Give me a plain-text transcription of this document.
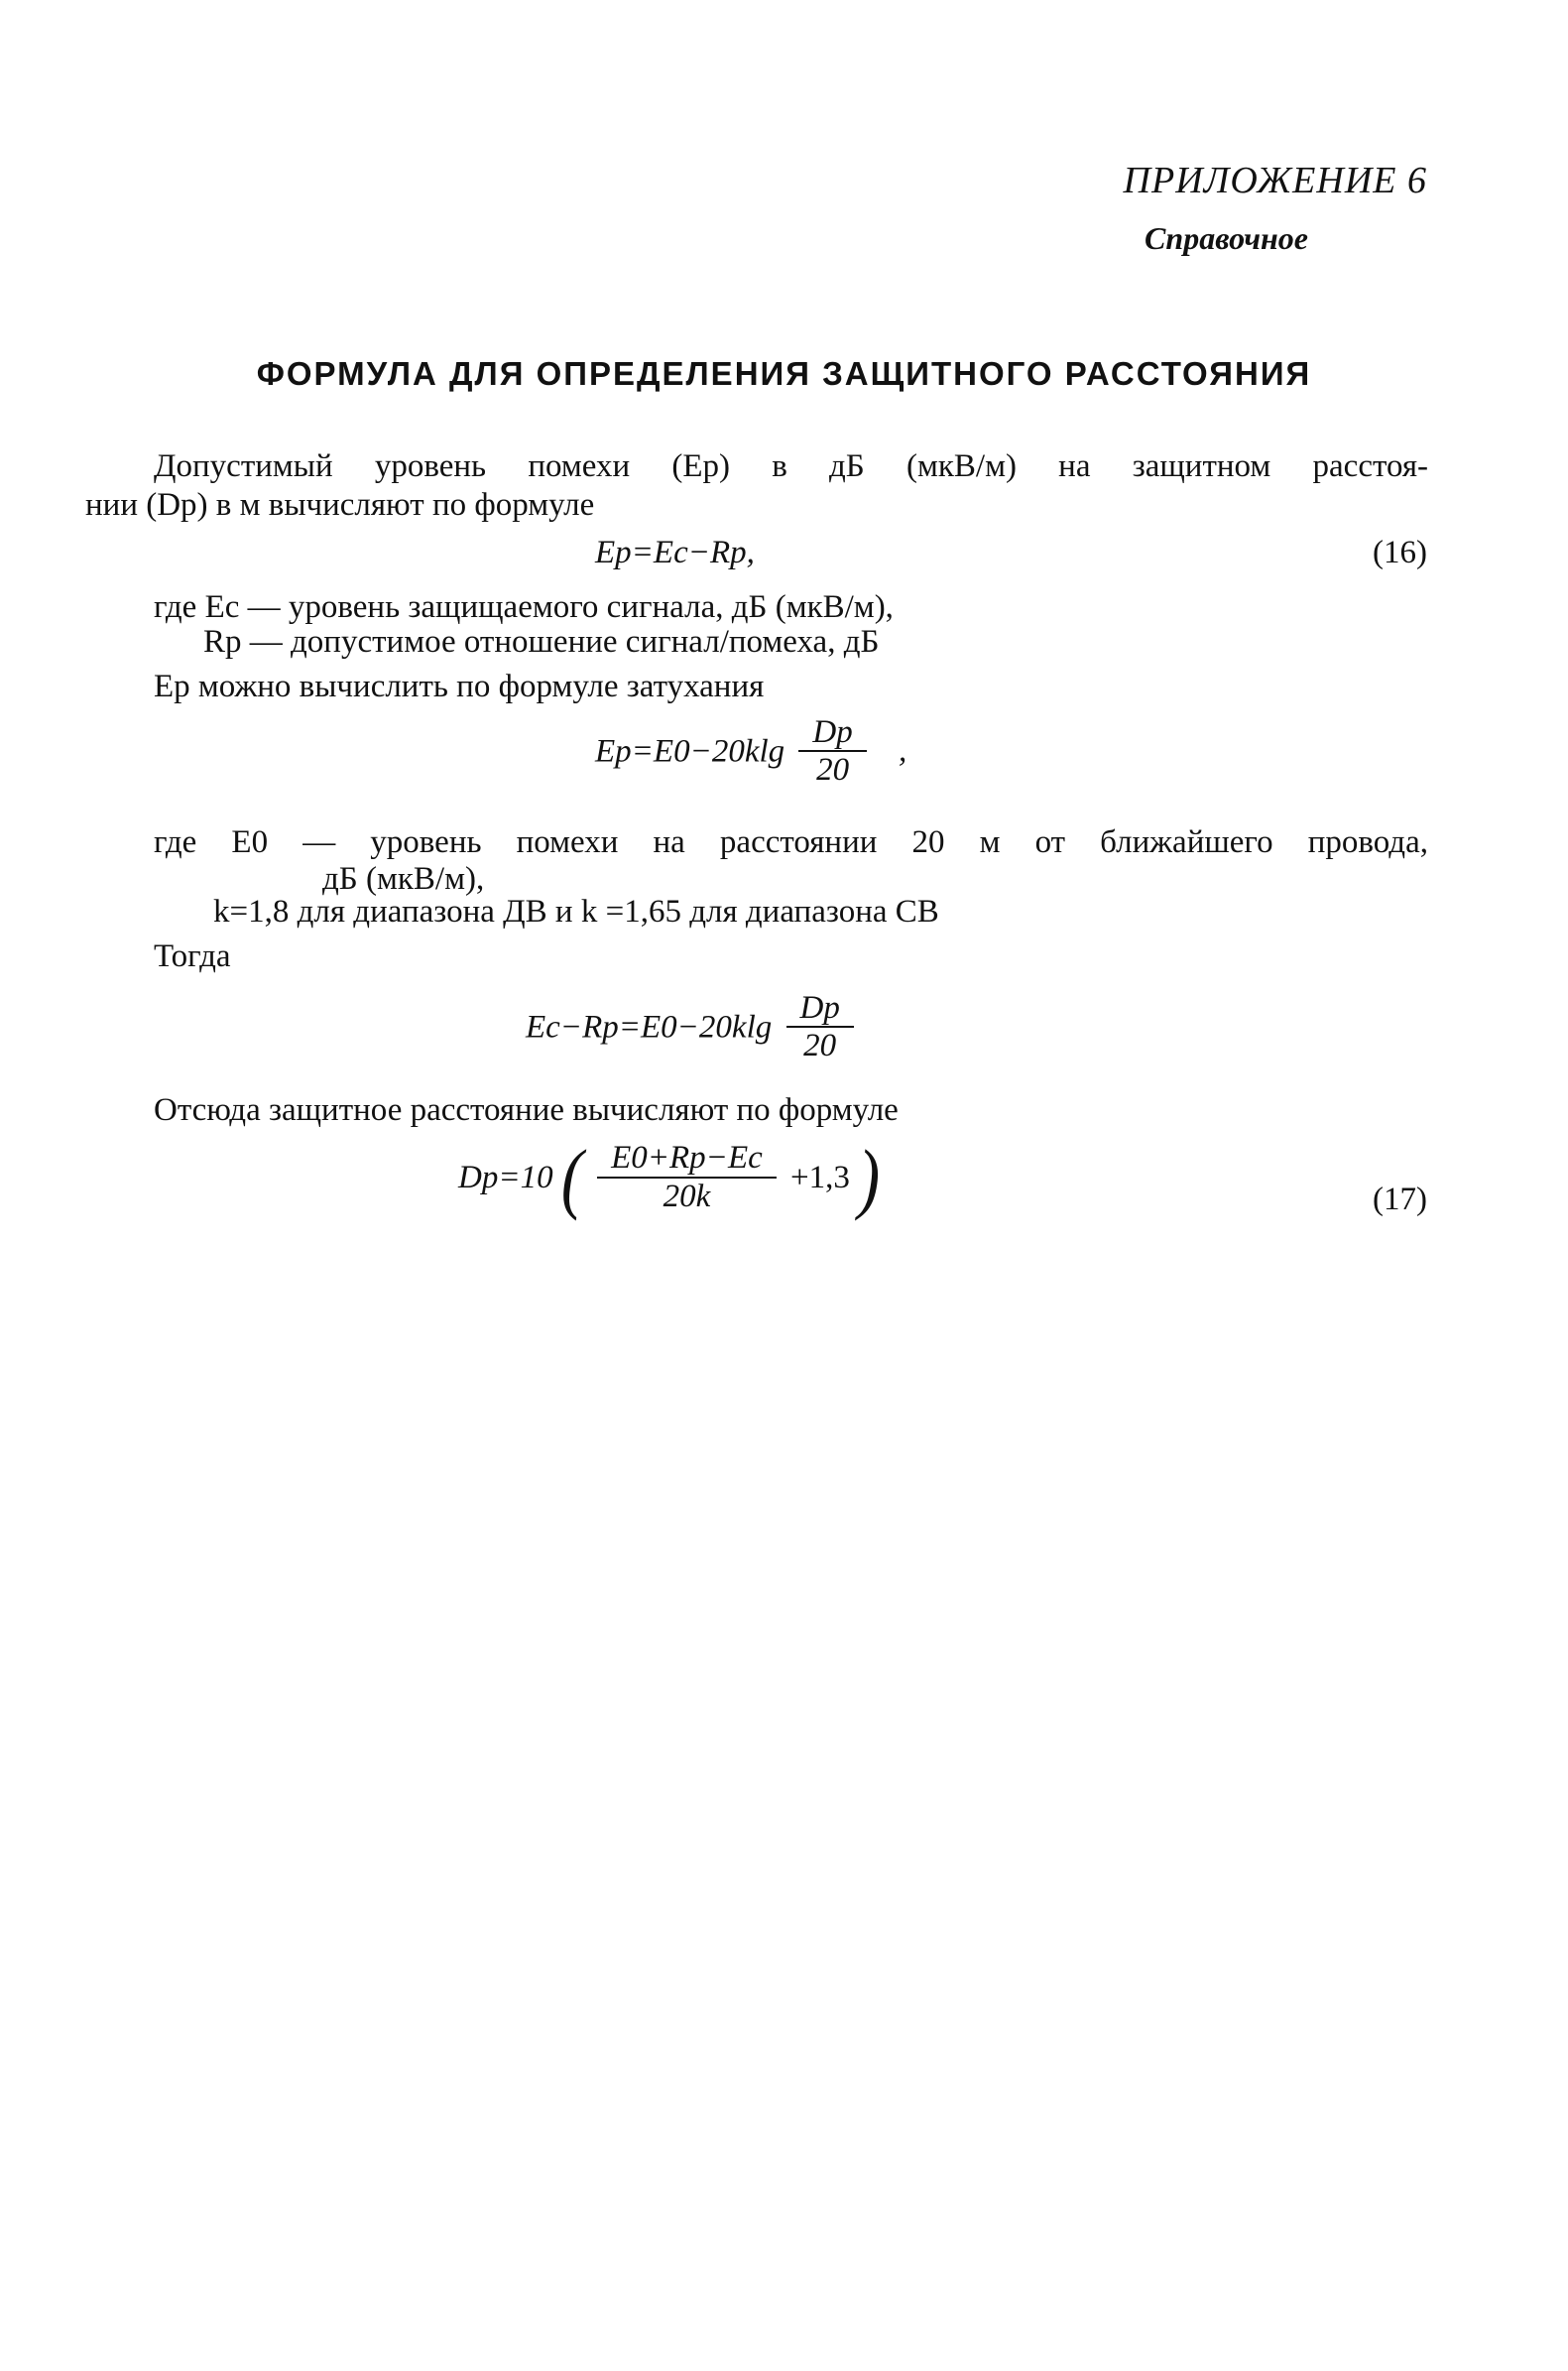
ПРИЛОЖЕНИЕ 6
Справочное
ФОРМУЛА ДЛЯ ОПРЕДЕЛЕНИЯ ЗАЩИТНОГО РАССТОЯНИЯ
Допустимый уровень помехи (Eр) в дБ (мкВ/м) на защитном расстоя-
нии (Dр) в м вычисляют по формуле
Ep=Ec−Rp,	(16)
где Eс — уровень защищаемого сигнала, дБ (мкВ/м),
Rр — допустимое отношение сигнал/помеха, дБ
Eр можно вычислить по формуле затухания
$Ep=E0-20klg \frac{Dp}{20}$ ,
где E0 — уровень помехи на расстоянии 20 м от ближайшего провода,
дБ (мкВ/м),
k=1,8 для диапазона ДВ и k =1,65 для диапазона СВ
Тогда
$Ec-Rp=E0-20klg \frac{Dp}{20}$
Отсюда защитное расстояние вычисляют по формуле
Dp=10 ( $\frac{E0+Rp-Ec}{20k} +1,3$ )	(17)
